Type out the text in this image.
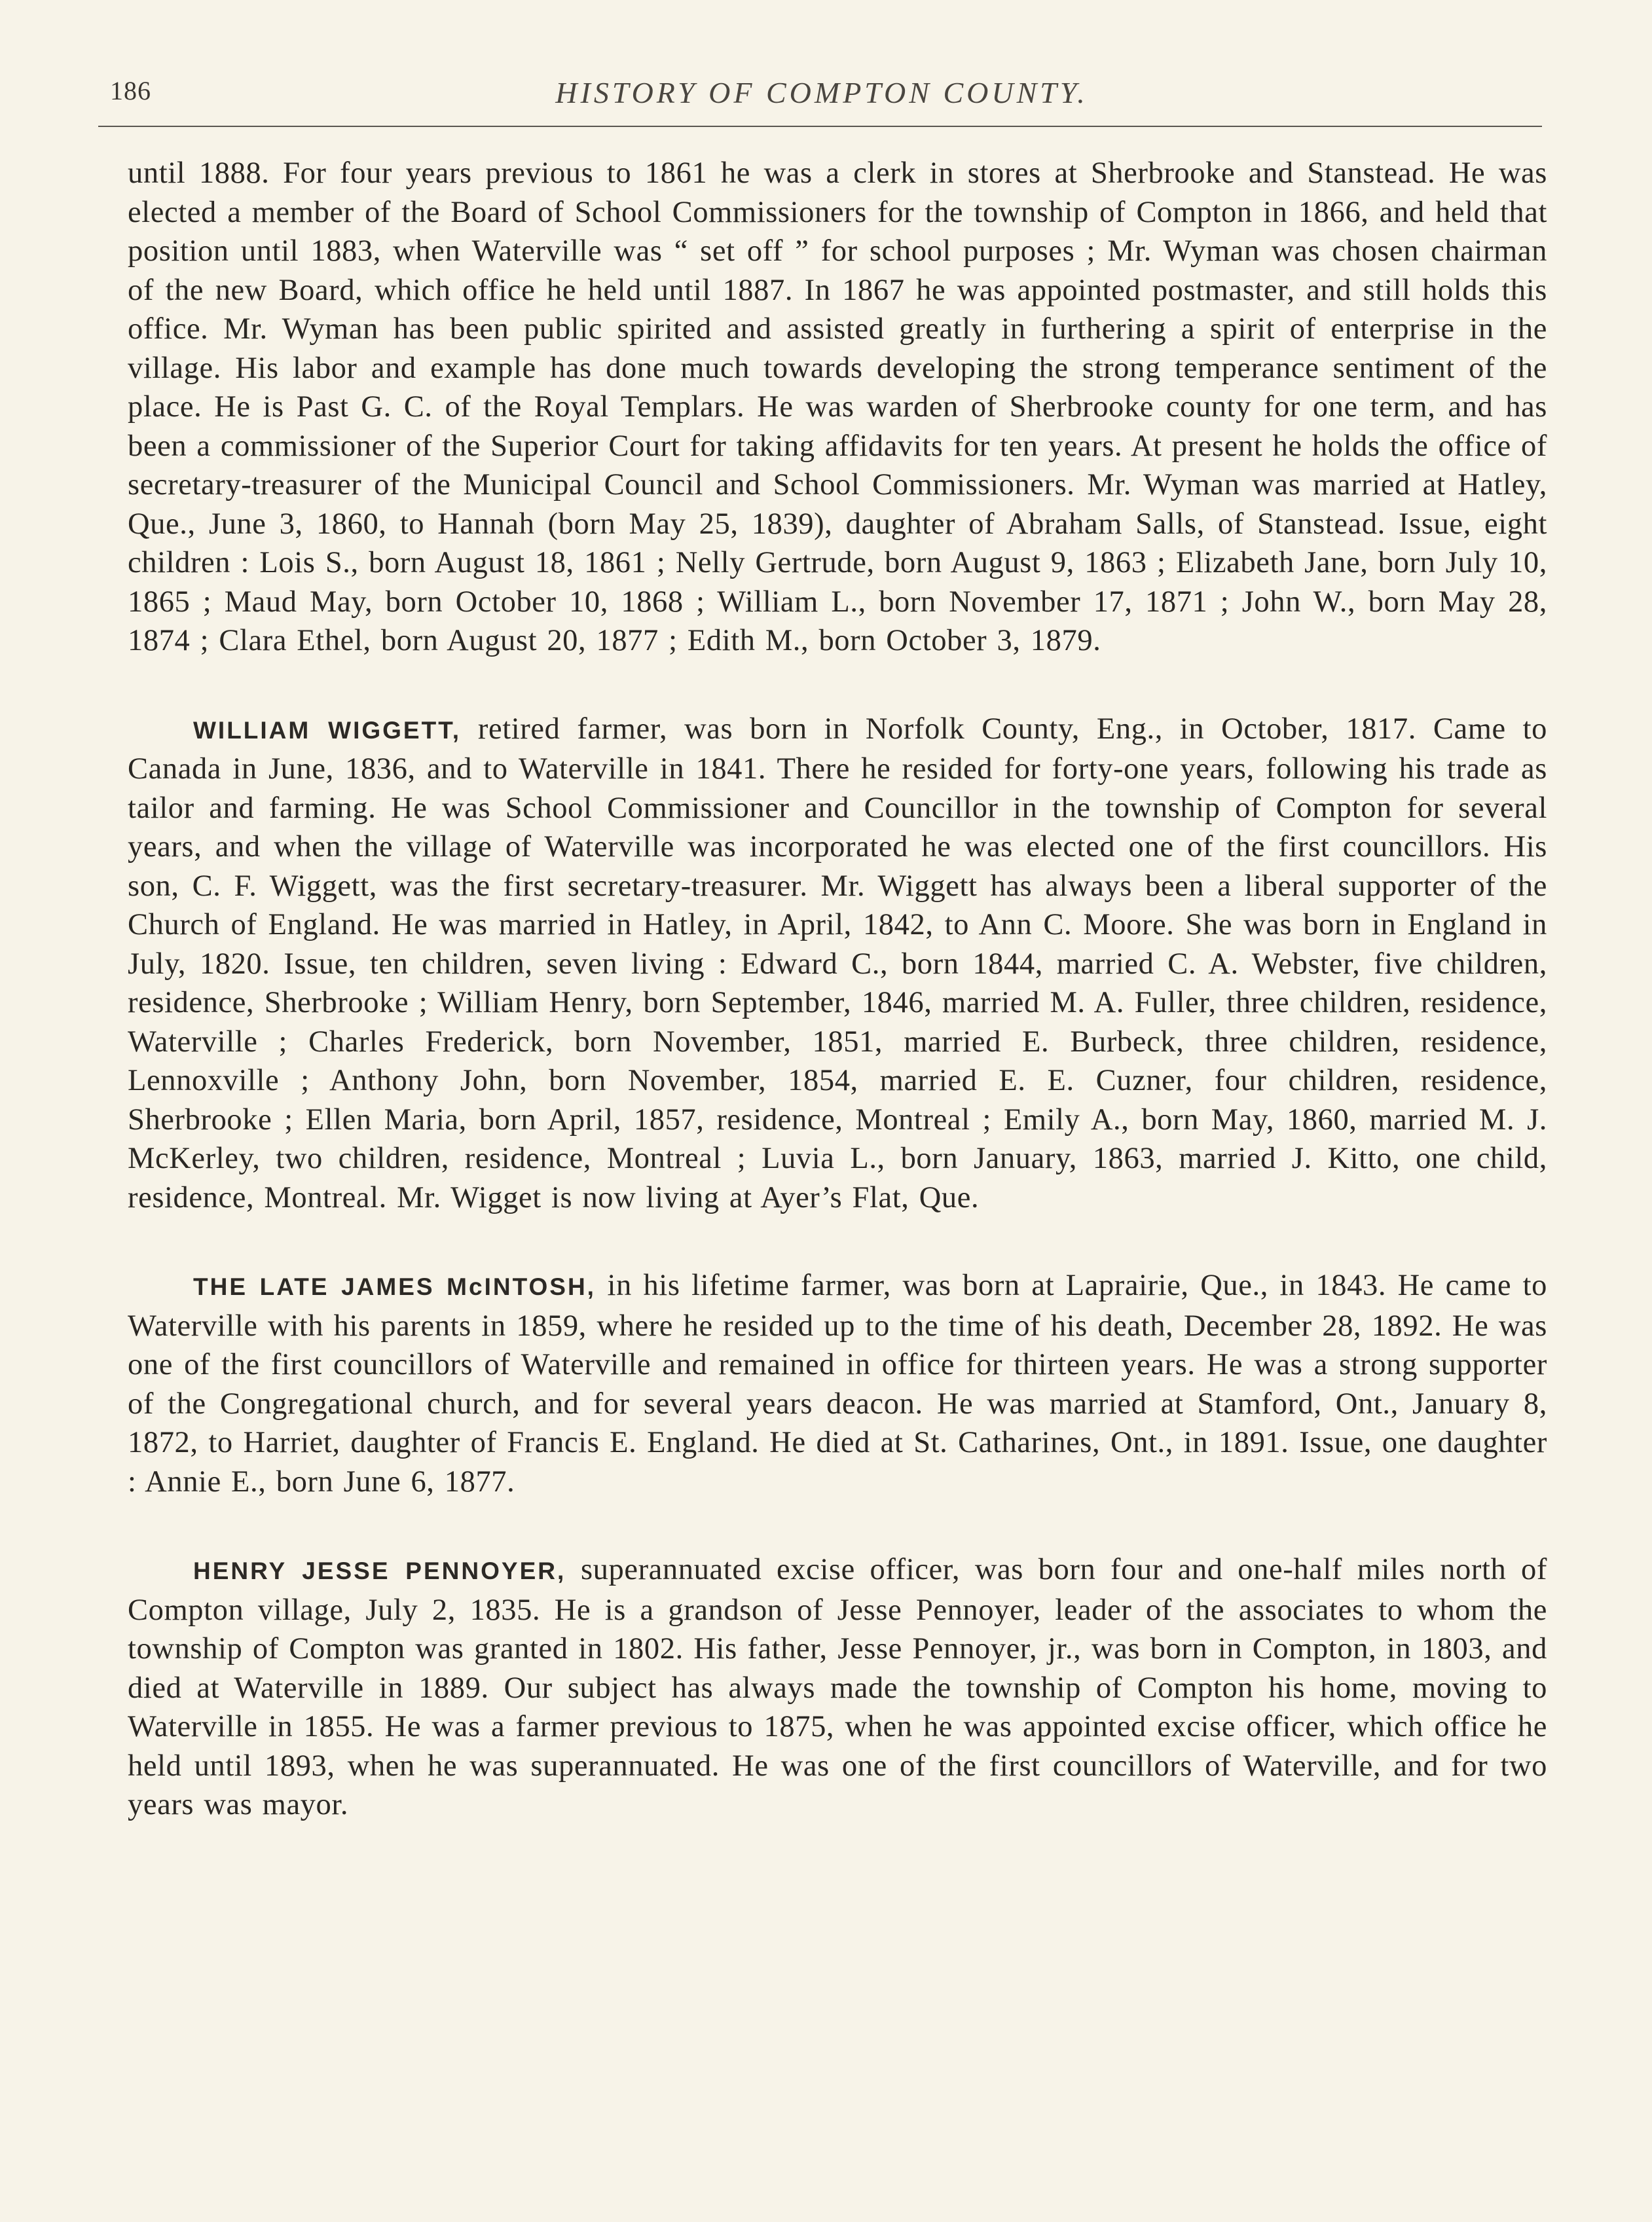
186	HISTORY OF COMPTON COUNTY.

until 1888. For four years previous to 1861 he was a clerk in stores at Sherbrooke and Stanstead. He was elected a member of the Board of School Commissioners for the township of Compton in 1866, and held that position until 1883, when Waterville was “ set off ” for school purposes ; Mr. Wyman was chosen chairman of the new Board, which office he held until 1887. In 1867 he was appointed postmaster, and still holds this office. Mr. Wyman has been public spirited and assisted greatly in furthering a spirit of enterprise in the village. His labor and example has done much towards developing the strong temperance sentiment of the place. He is Past G. C. of the Royal Templars. He was warden of Sherbrooke county for one term, and has been a commissioner of the Superior Court for taking affidavits for ten years. At present he holds the office of secretary-treasurer of the Municipal Council and School Commissioners. Mr. Wyman was married at Hatley, Que., June 3, 1860, to Hannah (born May 25, 1839), daughter of Abraham Salls, of Stanstead. Issue, eight children : Lois S., born August 18, 1861 ; Nelly Gertrude, born August 9, 1863 ; Elizabeth Jane, born July 10, 1865 ; Maud May, born October 10, 1868 ; William L., born November 17, 1871 ; John W., born May 28, 1874 ; Clara Ethel, born August 20, 1877 ; Edith M., born October 3, 1879.

WILLIAM WIGGETT, retired farmer, was born in Norfolk County, Eng., in October, 1817. Came to Canada in June, 1836, and to Waterville in 1841. There he resided for forty-one years, following his trade as tailor and farming. He was School Commissioner and Councillor in the township of Compton for several years, and when the village of Waterville was incorporated he was elected one of the first councillors. His son, C. F. Wiggett, was the first secretary-treasurer. Mr. Wiggett has always been a liberal supporter of the Church of England. He was married in Hatley, in April, 1842, to Ann C. Moore. She was born in England in July, 1820. Issue, ten children, seven living : Edward C., born 1844, married C. A. Webster, five children, residence, Sherbrooke ; William Henry, born September, 1846, married M. A. Fuller, three children, residence, Waterville ; Charles Frederick, born November, 1851, married E. Burbeck, three children, residence, Lennoxville ; Anthony John, born November, 1854, married E. E. Cuzner, four children, residence, Sherbrooke ; Ellen Maria, born April, 1857, residence, Montreal ; Emily A., born May, 1860, married M. J. McKerley, two children, residence, Montreal ; Luvia L., born January, 1863, married J. Kitto, one child, residence, Montreal. Mr. Wigget is now living at Ayer’s Flat, Que.

THE LATE JAMES McINTOSH, in his lifetime farmer, was born at Laprairie, Que., in 1843. He came to Waterville with his parents in 1859, where he resided up to the time of his death, December 28, 1892. He was one of the first councillors of Waterville and remained in office for thirteen years. He was a strong supporter of the Congregational church, and for several years deacon. He was married at Stamford, Ont., January 8, 1872, to Harriet, daughter of Francis E. England. He died at St. Catharines, Ont., in 1891. Issue, one daughter : Annie E., born June 6, 1877.

HENRY JESSE PENNOYER, superannuated excise officer, was born four and one-half miles north of Compton village, July 2, 1835. He is a grandson of Jesse Pennoyer, leader of the associates to whom the township of Compton was granted in 1802. His father, Jesse Pennoyer, jr., was born in Compton, in 1803, and died at Waterville in 1889. Our subject has always made the township of Compton his home, moving to Waterville in 1855. He was a farmer previous to 1875, when he was appointed excise officer, which office he held until 1893, when he was superannuated. He was one of the first councillors of Waterville, and for two years was mayor.
